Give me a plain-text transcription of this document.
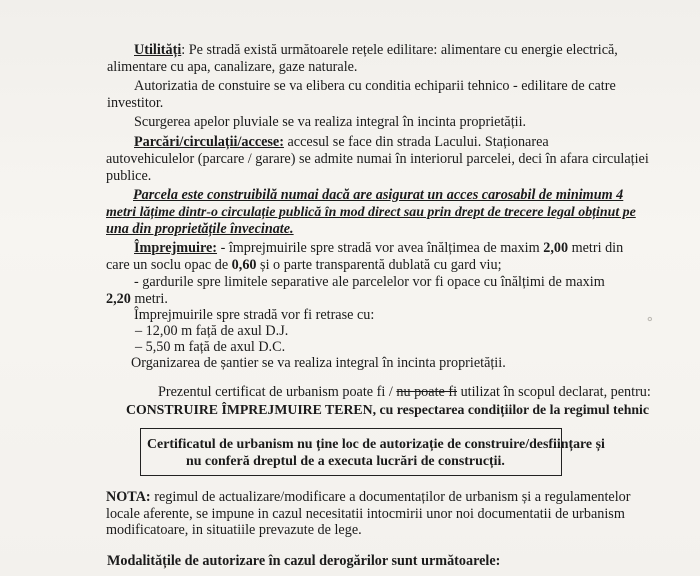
Utilități: Pe stradă există următoarele rețele edilitare: alimentare cu energie electrică,
alimentare cu apa, canalizare, gaze naturale.
Autorizatia de constuire se va elibera cu conditia echiparii tehnico - edilitare de catre
investitor.
Scurgerea apelor pluviale se va realiza integral în incinta proprietății.
Parcări/circulații/accese: accesul se face din strada Lacului. Staționarea
autovehiculelor (parcare / garare) se admite numai în interiorul parcelei, deci în afara circulației
publice.
Parcela este construibilă numai dacă are asigurat un acces carosabil de minimum 4
metri lățime dintr-o circulație publică în mod direct sau prin drept de trecere legal obținut pe
una din proprietățile învecinate.
Împrejmuire: - împrejmuirile spre stradă vor avea înălțimea de maxim 2,00 metri din
care un soclu opac de 0,60 și o parte transparentă dublată cu gard viu;
- gardurile spre limitele separative ale parcelelor vor fi opace cu înălțimi de maxim
2,20 metri.
Împrejmuirile spre stradă vor fi retrase cu:
– 12,00 m față de axul D.J.
– 5,50 m față de axul D.C.
Organizarea de șantier se va realiza integral în incinta proprietății.
Prezentul certificat de urbanism poate fi / nu poate fi utilizat în scopul declarat, pentru:
CONSTRUIRE ÎMPREJMUIRE TEREN, cu respectarea condițiilor de la regimul tehnic
Certificatul de urbanism nu ține loc de autorizație de construire/desființare și
nu conferă dreptul de a executa lucrări de construcții.
NOTA: regimul de actualizare/modificare a documentaților de urbanism și a regulamentelor
locale aferente, se impune in cazul necesitatii intocmirii unor noi documentatii de urbanism
modificatoare, in situatiile prevazute de lege.
Modalitățile de autorizare în cazul derogărilor sunt următoarele:
∘
